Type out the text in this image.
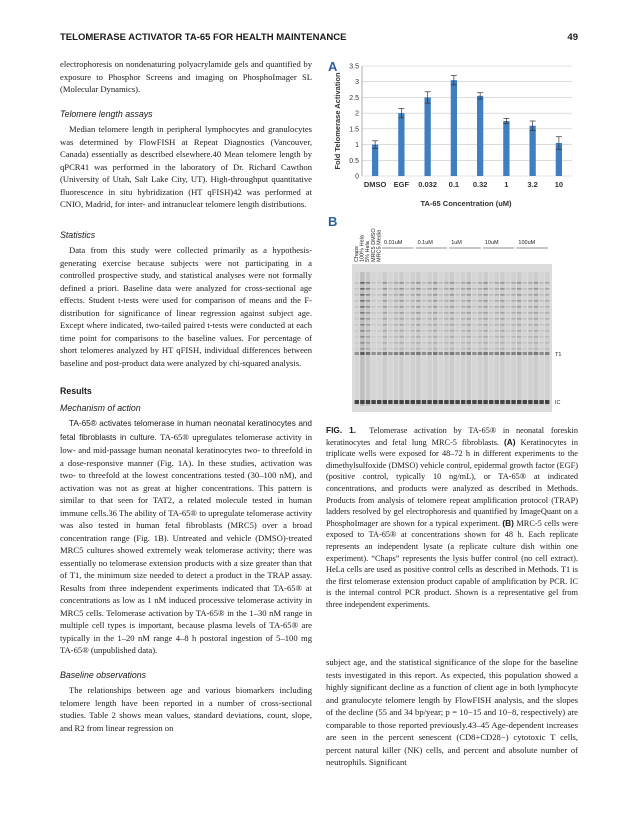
TELOMERASE ACTIVATOR TA-65 FOR HEALTH MAINTENANCE	49

electrophoresis on nondenaturing polyacrylamide gels and quantified by exposure to Phosphor Screens and imaging on PhosphoImager SL (Molecular Dynamics).

Telomere length assays

Median telomere length in peripheral lymphocytes and granulocytes was determined by FlowFISH at Repeat Diagnostics (Vancouver, Canada) essentially as described elsewhere.40 Mean telomere length by qPCR41 was performed in the laboratory of Dr. Richard Cawthon (University of Utah, Salt Lake City, UT). High-throughput quantitative fluorescence in situ hybridization (HT qFISH)42 was performed at CNIO, Madrid, for inter- and intranuclear telomere length distributions.

Statistics

Data from this study were collected primarily as a hypothesis-generating exercise because subjects were not participating in a controlled prospective study, and statistical analyses were not formally defined a priori. Baseline data were analyzed for cross-sectional age effects. Student t-tests were used for comparison of means and the F-distribution for significance of linear regression against subject age. Except where indicated, two-tailed paired t-tests were conducted at each time point for comparisons to the baseline values. For percentage of short telomeres analyzed by HT qFISH, individual differences between baseline and post-product data were analyzed by chi-squared analysis.

Results
Mechanism of action

TA-65® activates telomerase in human neonatal keratinocytes and fetal fibroblasts in culture. TA-65® upregulates telomerase activity in low- and mid-passage human neonatal keratinocytes two- to threefold in a dose-responsive manner (Fig. 1A). In these studies, activation was two- to threefold at the lowest concentrations tested (30–100 nM), and activation was not as great at higher concentrations. This pattern is similar to that seen for TAT2, a related molecule tested in human immune cells.36 The ability of TA-65® to upregulate telomerase activity was also tested in human fetal fibroblasts (MRC5) over a broad concentration range (Fig. 1B). Untreated and vehicle (DMSO)-treated MRC5 cultures showed extremely weak telomerase activity; there was essentially no telomerase extension products with a size greater than that of T1, the minimum size needed to detect a product in the TRAP assay. Results from three independent experiments indicated that TA-65® at concentrations as low as 1 nM induced processive telomerase activity in MRC5 cells. Telomerase activation by TA-65® in the 1–30 nM range in multiple cell types is important, because plasma levels of TA-65® are typically in the 1–20 nM range 4–8 h postoral ingestion of 5–100 mg TA-65® (unpublished data).

Baseline observations

The relationships between age and various biomarkers including telomere length have been reported in a number of cross-sectional studies. Table 2 shows mean values, standard deviations, count, slope, and R2 from linear regression on

A
Fold Telomerase Activation
TA-65 Concentration (uM)
0
0.5
1
1.5
2
2.5
3
3.5
DMSO EGF 0.032 0.1 0.32 1	3.2 10
B
Chaps 100% Hela 5% Hela MRC5 DMSO MRC5 Media 0.01uM	0.1uM	1uM	10uM	100uM
T1
IC

FIG. 1. Telomerase activation by TA-65® in neonatal foreskin keratinocytes and fetal lung MRC-5 fibroblasts. (A) Keratinocytes in triplicate wells were exposed for 48–72 h in different experiments to the dimethylsulfoxide (DMSO) vehicle control, epidermal growth factor (EGF) (positive control, typically 10 ng/mL), or TA-65® at indicated concentrations, and products were analyzed as described in Methods. Products from analysis of telomere repeat amplification protocol (TRAP) ladders resolved by gel electrophoresis and quantified by ImageQuant on a PhosphoImager are shown for a typical experiment. (B) MRC-5 cells were exposed to TA-65® at concentrations shown for 48 h. Each replicate represents an independent lysate (a replicate culture dish within one experiment). “Chaps” represents the lysis buffer control (no cell extract). HeLa cells are used as positive control cells as described in Methods. T1 is the first telomerase extension product capable of amplification by PCR. IC is the internal control PCR product. Shown is a representative gel from three independent experiments.

subject age, and the statistical significance of the slope for the baseline tests investigated in this report. As expected, this population showed a highly significant decline as a function of client age in both lymphocyte and granulocyte telomere length by FlowFISH analysis, and the slopes of the decline (55 and 34 bp/year; p = 10−15 and 10−8, respectively) are comparable to those reported previously.43–45 Age-dependent increases are seen in the percent senescent (CD8+CD28−) cytotoxic T cells, percent natural killer (NK) cells, and percent and absolute number of neutrophils. Significant
